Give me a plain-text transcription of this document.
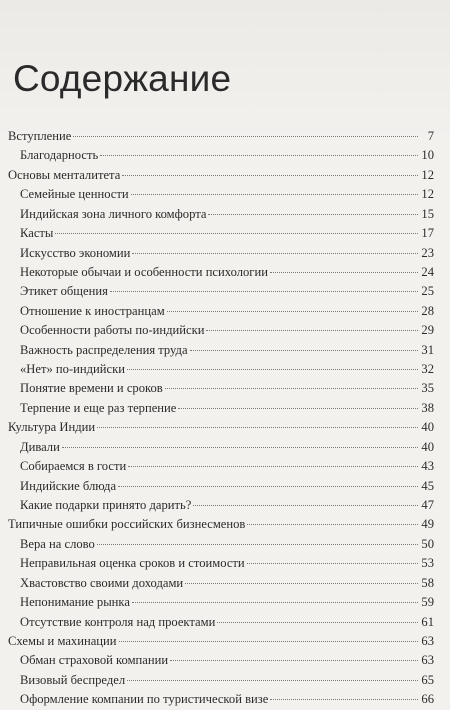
Содержание
Вступление	7
Благодарность	10
Основы менталитета	12
Семейные ценности	12
Индийская зона личного комфорта	15
Касты	17
Искусство экономии	23
Некоторые обычаи и особенности психологии	24
Этикет общения	25
Отношение к иностранцам	28
Особенности работы по-индийски	29
Важность распределения труда	31
«Нет» по-индийски	32
Понятие времени и сроков	35
Терпение и еще раз терпение	38
Культура Индии	40
Дивали	40
Собираемся в гости	43
Индийские блюда	45
Какие подарки принято дарить?	47
Типичные ошибки российских бизнесменов	49
Вера на слово	50
Неправильная оценка сроков и стоимости	53
Хвастовство своими доходами	58
Непонимание рынка	59
Отсутствие контроля над проектами	61
Схемы и махинации	63
Обман страховой компании	63
Визовый беспредел	65
Оформление компании по туристической визе	66
